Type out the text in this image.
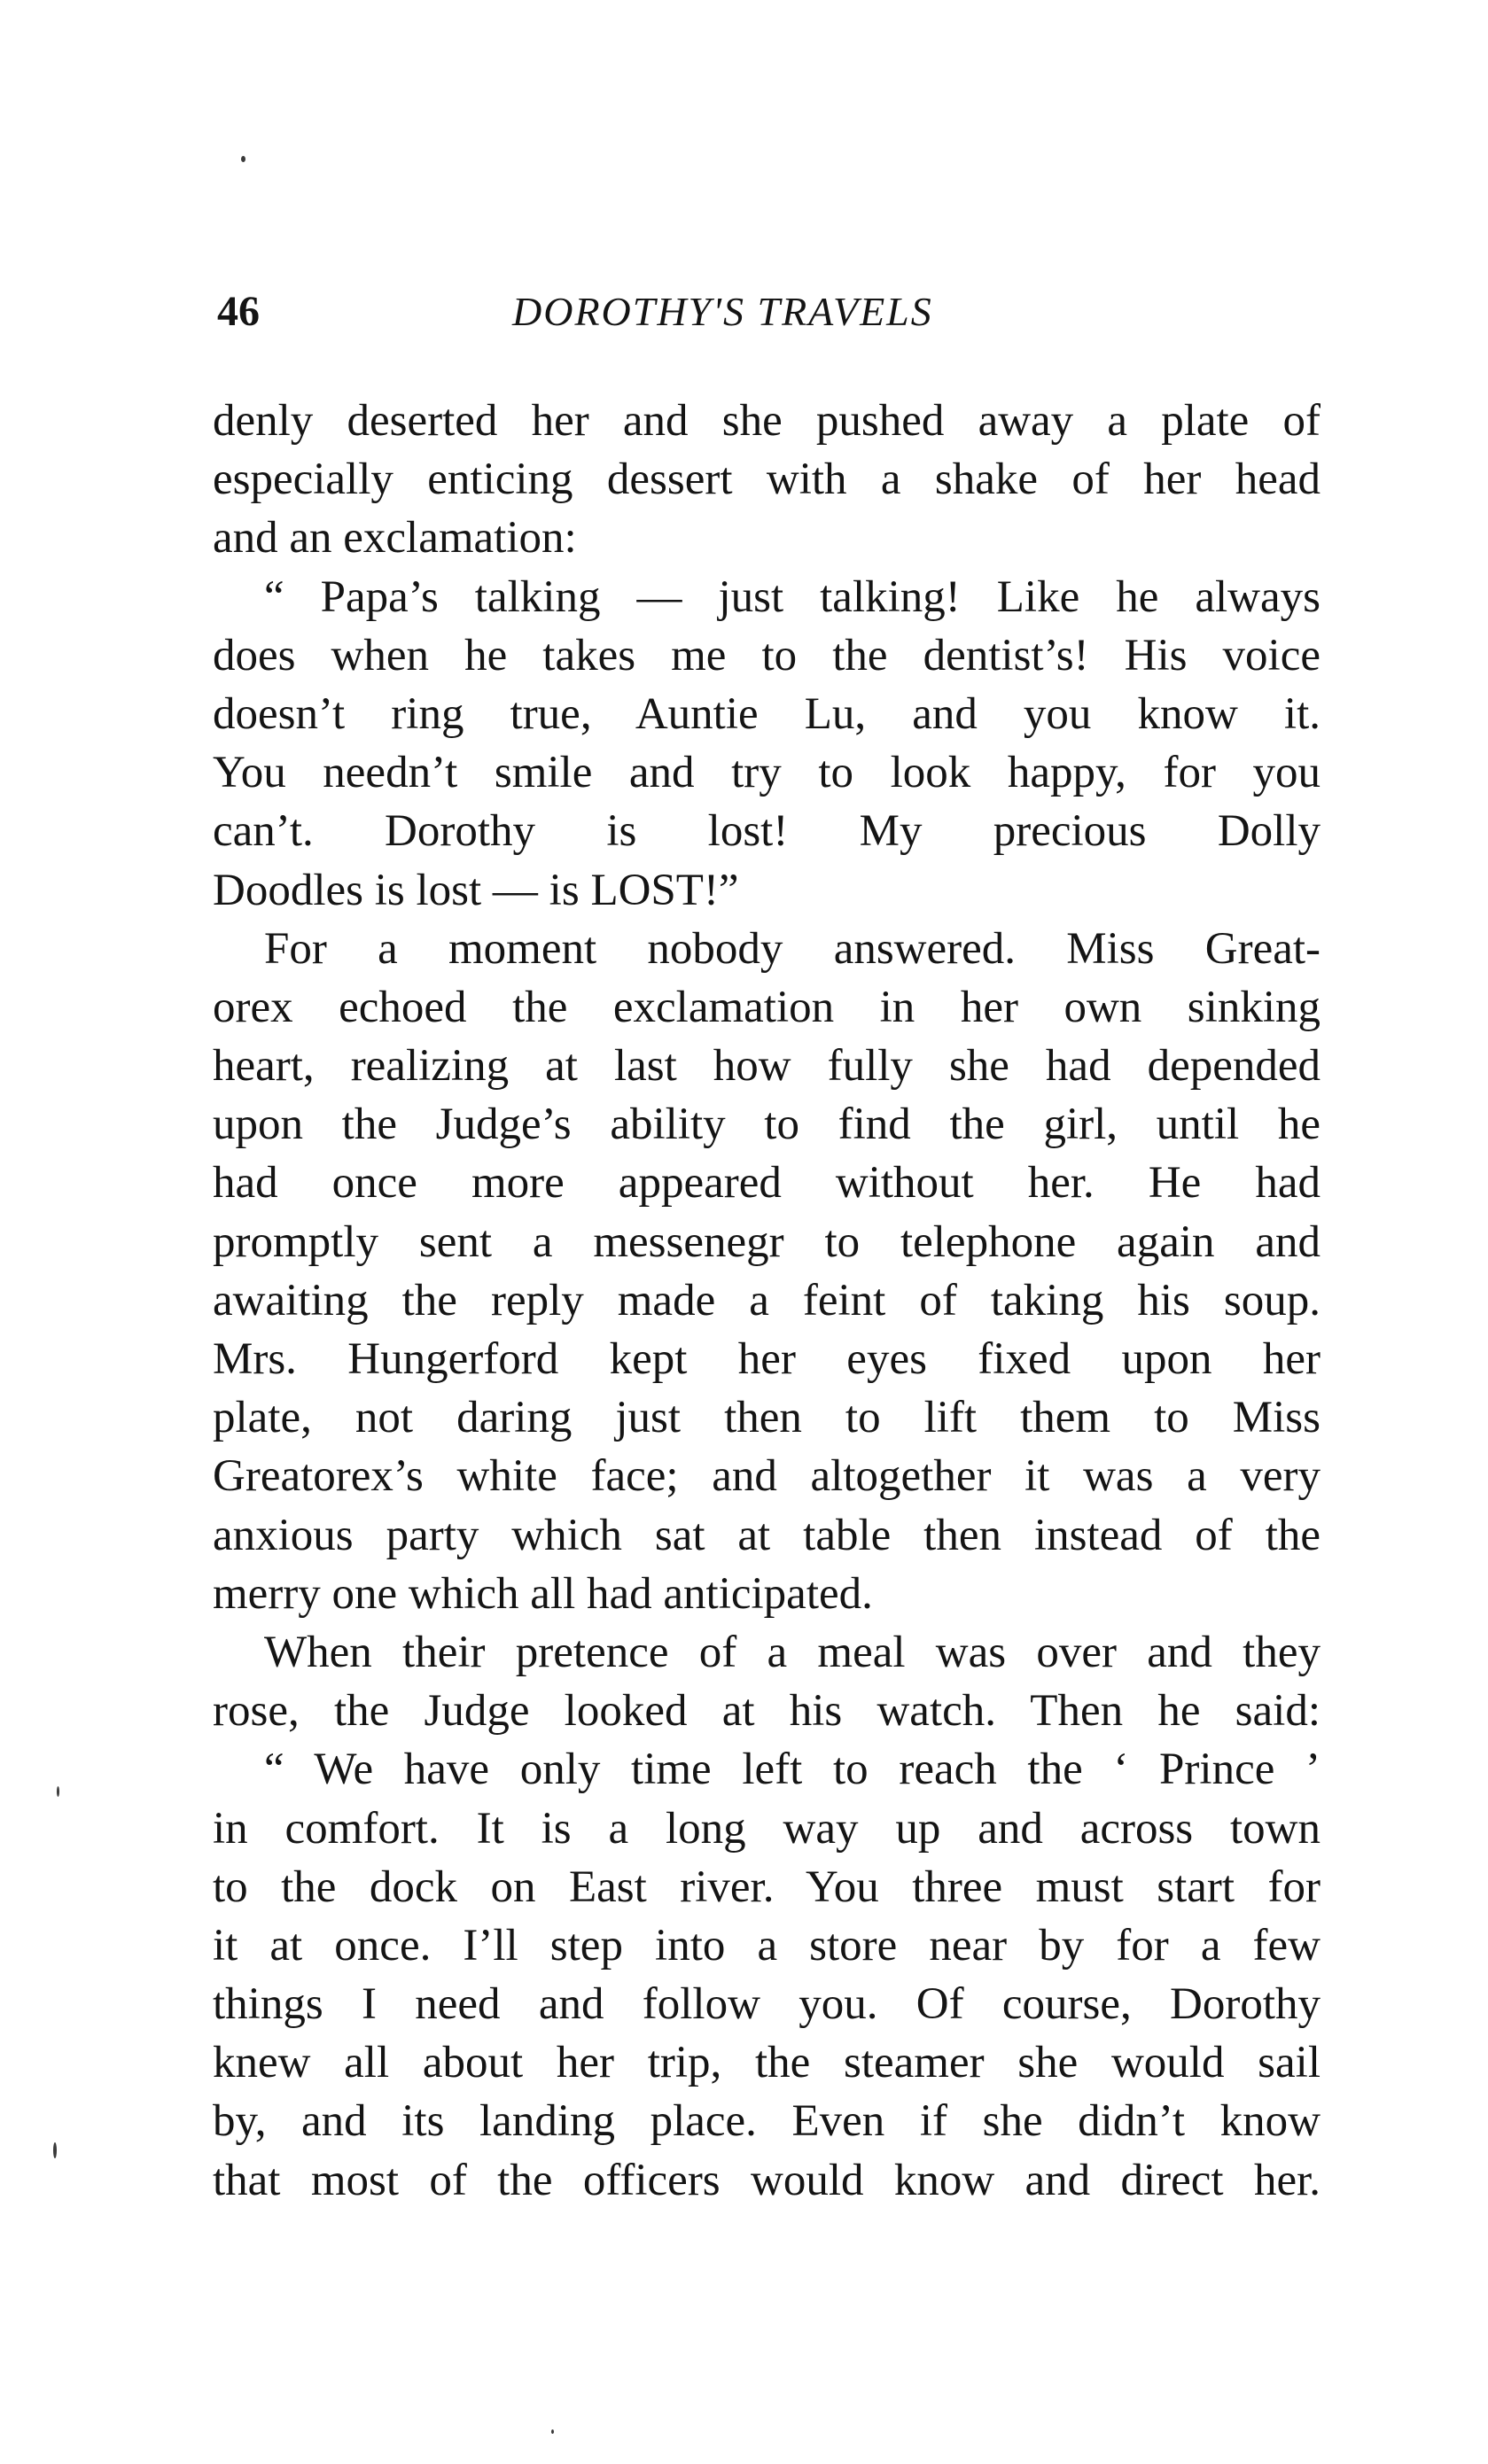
46	DOROTHY'S TRAVELS
denly deserted her and she pushed away a plate of
especially enticing dessert with a shake of her head
and an exclamation:
“ Papa’s talking — just talking! Like he always
does when he takes me to the dentist’s! His voice
doesn’t ring true, Auntie Lu, and you know it.
You needn’t smile and try to look happy, for you
can’t. Dorothy is lost! My precious Dolly
Doodles is lost — is LOST!”
For a moment nobody answered. Miss Great-
orex echoed the exclamation in her own sinking
heart, realizing at last how fully she had depended
upon the Judge’s ability to find the girl, until he
had once more appeared without her. He had
promptly sent a messenegr to telephone again and
awaiting the reply made a feint of taking his soup.
Mrs. Hungerford kept her eyes fixed upon her
plate, not daring just then to lift them to Miss
Greatorex’s white face; and altogether it was a very
anxious party which sat at table then instead of the
merry one which all had anticipated.
When their pretence of a meal was over and they
rose, the Judge looked at his watch. Then he said:
“ We have only time left to reach the ‘ Prince ’
in comfort. It is a long way up and across town
to the dock on East river. You three must start for
it at once. I’ll step into a store near by for a few
things I need and follow you. Of course, Dorothy
knew all about her trip, the steamer she would sail
by, and its landing place. Even if she didn’t know
that most of the officers would know and direct her.
